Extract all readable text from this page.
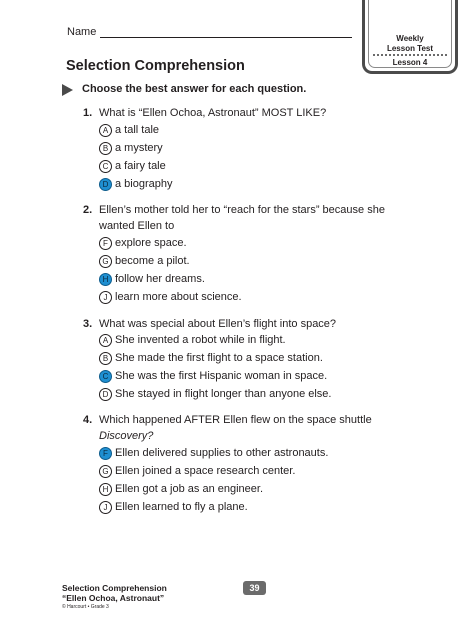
Name
Weekly
Lesson Test
Lesson 4
Selection Comprehension
Choose the best answer for each question.
1. What is “Ellen Ochoa, Astronaut” MOST LIKE?
A a tall tale
B a mystery
C a fairy tale
D a biography
2. Ellen’s mother told her to “reach for the stars” because she
wanted Ellen to
F explore space.
G become a pilot.
H follow her dreams.
J learn more about science.
3. What was special about Ellen’s flight into space?
A She invented a robot while in flight.
B She made the first flight to a space station.
C She was the first Hispanic woman in space.
D She stayed in flight longer than anyone else.
4. Which happened AFTER Ellen flew on the space shuttle
Discovery?
F Ellen delivered supplies to other astronauts.
G Ellen joined a space research center.
H Ellen got a job as an engineer.
J Ellen learned to fly a plane.
Selection Comprehension
“Ellen Ochoa, Astronaut”
39
© Harcourt • Grade 3
